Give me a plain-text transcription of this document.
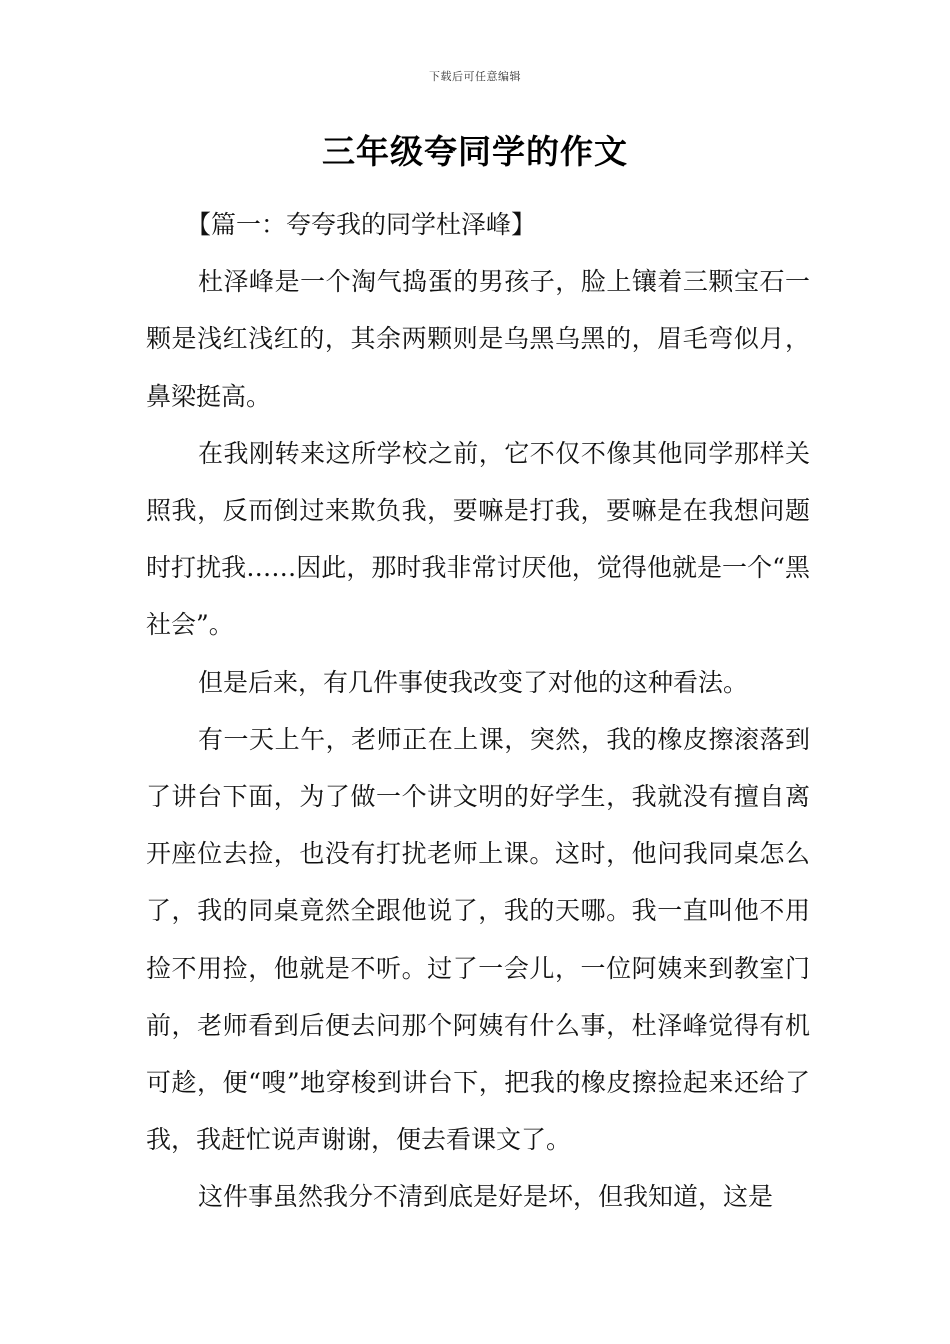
下载后可任意编辑
三年级夸同学的作文

【篇一：夸夸我的同学杜泽峰】

杜泽峰是一个淘气捣蛋的男孩子，脸上镶着三颗宝石一颗是浅红浅红的，其余两颗则是乌黑乌黑的，眉毛弯似月，鼻梁挺高。

在我刚转来这所学校之前，它不仅不像其他同学那样关照我，反而倒过来欺负我，要嘛是打我，要嘛是在我想问题时打扰我……因此，那时我非常讨厌他，觉得他就是一个“黑社会”。

但是后来，有几件事使我改变了对他的这种看法。

有一天上午，老师正在上课，突然，我的橡皮擦滚落到了讲台下面，为了做一个讲文明的好学生，我就没有擅自离开座位去捡，也没有打扰老师上课。这时，他问我同桌怎么了，我的同桌竟然全跟他说了，我的天哪。我一直叫他不用捡不用捡，他就是不听。过了一会儿，一位阿姨来到教室门前，老师看到后便去问那个阿姨有什么事，杜泽峰觉得有机可趁，便“嗖”地穿梭到讲台下，把我的橡皮擦捡起来还给了我，我赶忙说声谢谢，便去看课文了。

这件事虽然我分不清到底是好是坏，但我知道，这是
